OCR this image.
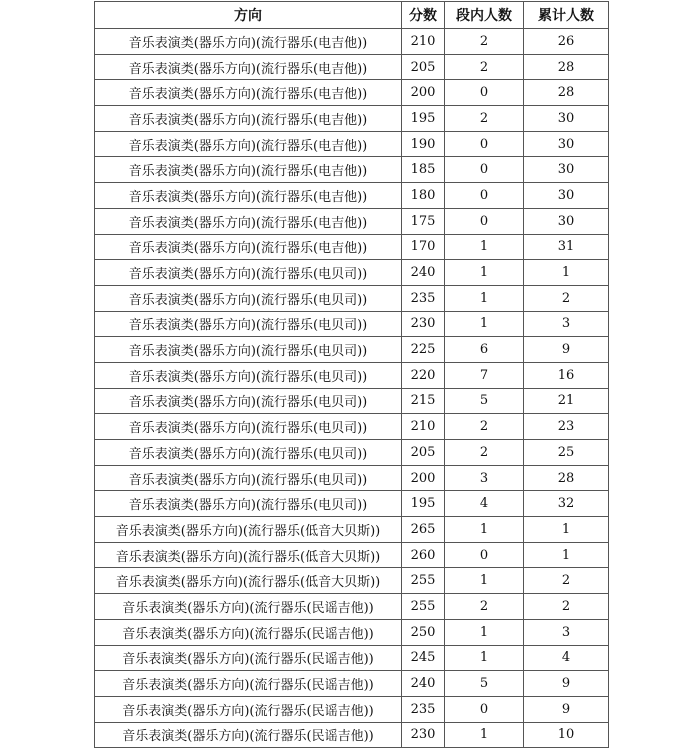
方向	分数	段内人数	累计人数
音乐表演类(器乐方向)(流行器乐(电吉他))	210	2	26
音乐表演类(器乐方向)(流行器乐(电吉他))	205	2	28
音乐表演类(器乐方向)(流行器乐(电吉他))	200	0	28
音乐表演类(器乐方向)(流行器乐(电吉他))	195	2	30
音乐表演类(器乐方向)(流行器乐(电吉他))	190	0	30
音乐表演类(器乐方向)(流行器乐(电吉他))	185	0	30
音乐表演类(器乐方向)(流行器乐(电吉他))	180	0	30
音乐表演类(器乐方向)(流行器乐(电吉他))	175	0	30
音乐表演类(器乐方向)(流行器乐(电吉他))	170	1	31
音乐表演类(器乐方向)(流行器乐(电贝司))	240	1	1
音乐表演类(器乐方向)(流行器乐(电贝司))	235	1	2
音乐表演类(器乐方向)(流行器乐(电贝司))	230	1	3
音乐表演类(器乐方向)(流行器乐(电贝司))	225	6	9
音乐表演类(器乐方向)(流行器乐(电贝司))	220	7	16
音乐表演类(器乐方向)(流行器乐(电贝司))	215	5	21
音乐表演类(器乐方向)(流行器乐(电贝司))	210	2	23
音乐表演类(器乐方向)(流行器乐(电贝司))	205	2	25
音乐表演类(器乐方向)(流行器乐(电贝司))	200	3	28
音乐表演类(器乐方向)(流行器乐(电贝司))	195	4	32
音乐表演类(器乐方向)(流行器乐(低音大贝斯))	265	1	1
音乐表演类(器乐方向)(流行器乐(低音大贝斯))	260	0	1
音乐表演类(器乐方向)(流行器乐(低音大贝斯))	255	1	2
音乐表演类(器乐方向)(流行器乐(民谣吉他))	255	2	2
音乐表演类(器乐方向)(流行器乐(民谣吉他))	250	1	3
音乐表演类(器乐方向)(流行器乐(民谣吉他))	245	1	4
音乐表演类(器乐方向)(流行器乐(民谣吉他))	240	5	9
音乐表演类(器乐方向)(流行器乐(民谣吉他))	235	0	9
音乐表演类(器乐方向)(流行器乐(民谣吉他))	230	1	10
